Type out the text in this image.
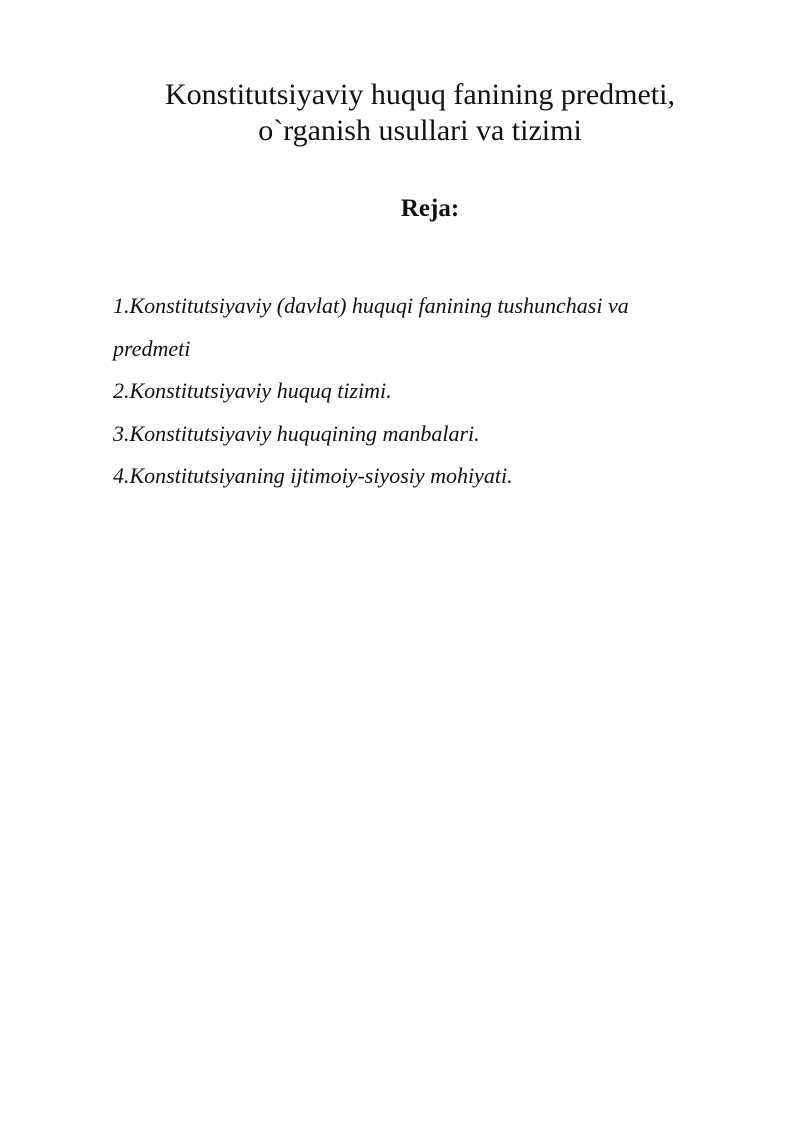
Konstitutsiyaviy huquq fanining predmeti,
o`rganish usullari va tizimi
Reja:
1.Konstitutsiyaviy (davlat) huquqi fanining tushunchasi va
predmeti
2.Konstitutsiyaviy huquq tizimi.
3.Konstitutsiyaviy huquqining manbalari.
4.Konstitutsiyaning ijtimoiy-siyosiy mohiyati.
